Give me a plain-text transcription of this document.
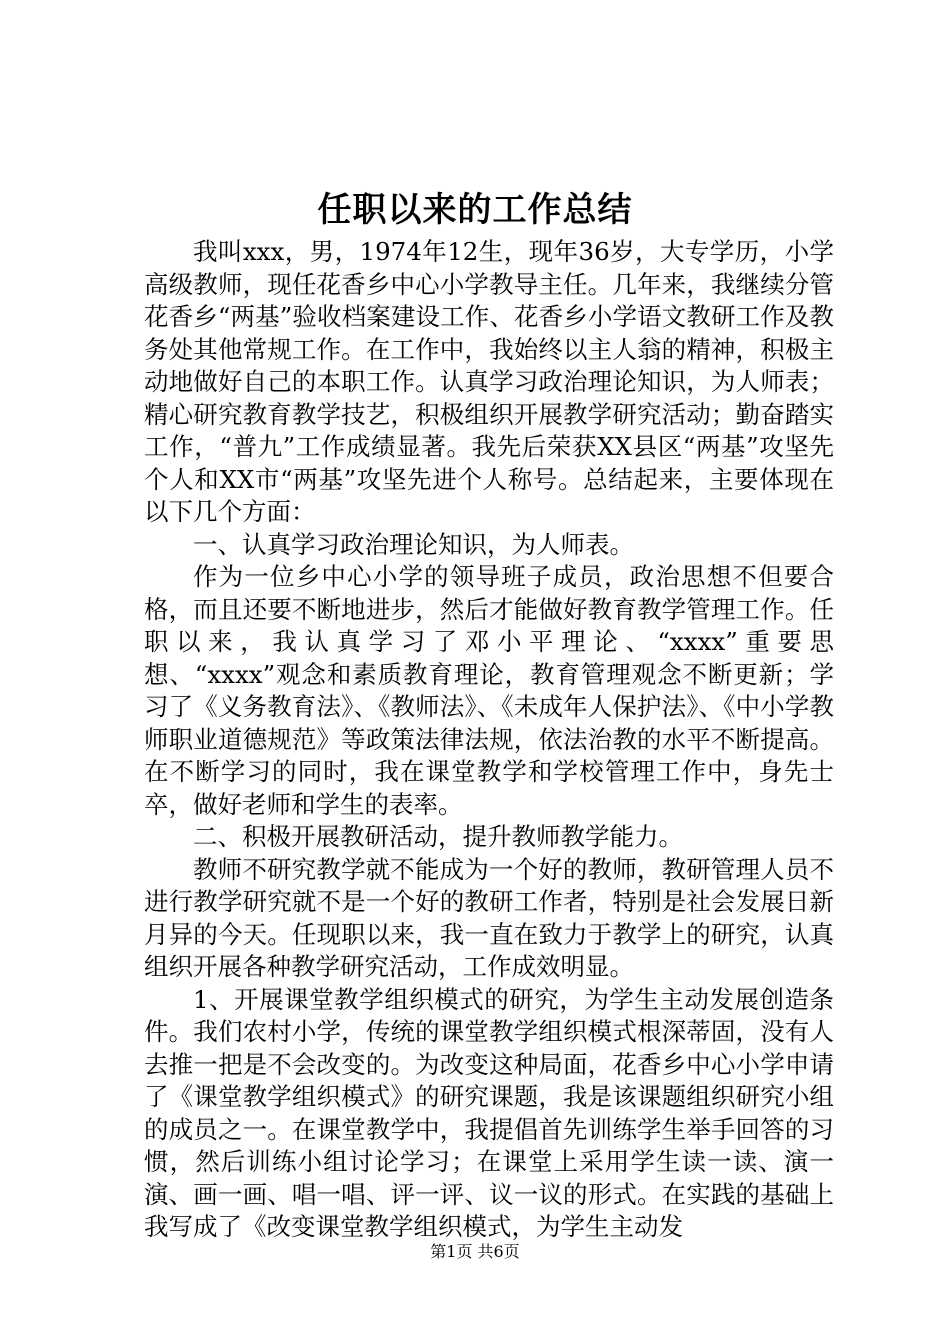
任职以来的工作总结

我叫xxx，男，1974年12生，现年36岁，大专学历，小学高级教师，现任花香乡中心小学教导主任。几年来，我继续分管花香乡“两基”验收档案建设工作、花香乡小学语文教研工作及教务处其他常规工作。在工作中，我始终以主人翁的精神，积极主动地做好自己的本职工作。认真学习政治理论知识，为人师表；精心研究教育教学技艺，积极组织开展教学研究活动；勤奋踏实工作，“普九”工作成绩显著。我先后荣获XX县区“两基”攻坚先个人和XX市“两基”攻坚先进个人称号。总结起来，主要体现在以下几个方面：

一、认真学习政治理论知识，为人师表。

作为一位乡中心小学的领导班子成员，政治思想不但要合格，而且还要不断地进步，然后才能做好教育教学管理工作。任职以来，我认真学习了邓小平理论、“xxxx”重要思想、“xxxx”观念和素质教育理论，教育管理观念不断更新；学习了《义务教育法》、《教师法》、《未成年人保护法》、《中小学教师职业道德规范》等政策法律法规，依法治教的水平不断提高。在不断学习的同时，我在课堂教学和学校管理工作中，身先士卒，做好老师和学生的表率。

二、积极开展教研活动，提升教师教学能力。

教师不研究教学就不能成为一个好的教师，教研管理人员不进行教学研究就不是一个好的教研工作者，特别是社会发展日新月异的今天。任现职以来，我一直在致力于教学上的研究，认真组织开展各种教学研究活动，工作成效明显。

1、开展课堂教学组织模式的研究，为学生主动发展创造条件。我们农村小学，传统的课堂教学组织模式根深蒂固，没有人去推一把是不会改变的。为改变这种局面，花香乡中心小学申请了《课堂教学组织模式》的研究课题，我是该课题组织研究小组的成员之一。在课堂教学中，我提倡首先训练学生举手回答的习惯，然后训练小组讨论学习；在课堂上采用学生读一读、演一演、画一画、唱一唱、评一评、议一议的形式。在实践的基础上我写成了《改变课堂教学组织模式，为学生主动发

第1页 共6页
